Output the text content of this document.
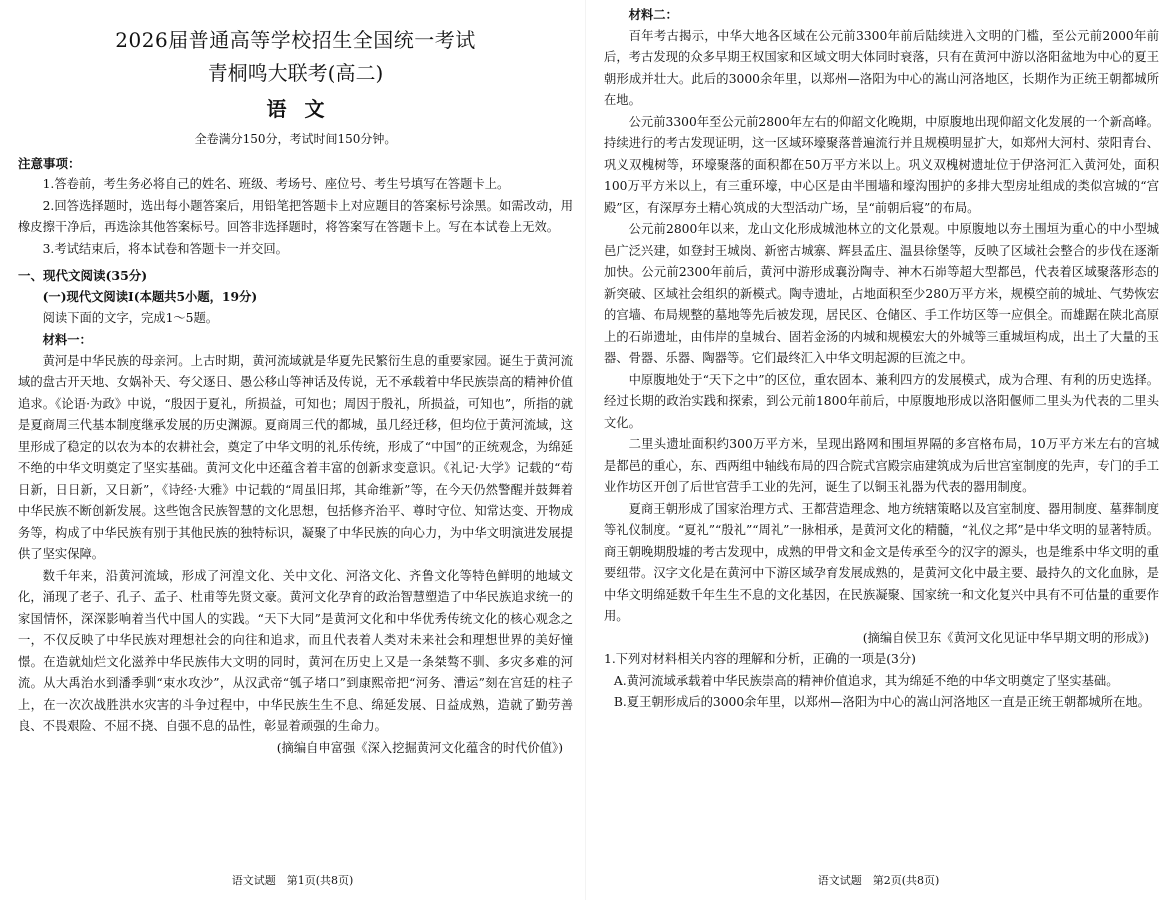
2026届普通高等学校招生全国统一考试
青桐鸣大联考(高二)
语文
全卷满分150分，考试时间150分钟。
注意事项：

1.答卷前，考生务必将自己的姓名、班级、考场号、座位号、考生号填写在答题卡上。

2.回答选择题时，选出每小题答案后，用铅笔把答题卡上对应题目的答案标号涂黑。如需改动，用橡皮擦干净后，再选涂其他答案标号。回答非选择题时，将答案写在答题卡上。写在本试卷上无效。

3.考试结束后，将本试卷和答题卡一并交回。

一、现代文阅读(35分)

(一)现代文阅读Ⅰ(本题共5小题，19分)

阅读下面的文字，完成1～5题。

材料一：

黄河是中华民族的母亲河。上古时期，黄河流域就是华夏先民繁衍生息的重要家园。诞生于黄河流域的盘古开天地、女娲补天、夸父逐日、愚公移山等神话及传说，无不承载着中华民族崇高的精神价值追求。《论语·为政》中说，“殷因于夏礼，所损益，可知也；周因于殷礼，所损益，可知也”，所指的就是夏商周三代基本制度继承发展的历史渊源。夏商周三代的都城，虽几经迁移，但均位于黄河流域，这里形成了稳定的以农为本的农耕社会，奠定了中华文明的礼乐传统，形成了“中国”的正统观念，为绵延不绝的中华文明奠定了坚实基础。黄河文化中还蕴含着丰富的创新求变意识。《礼记·大学》记载的“苟日新，日日新，又日新”，《诗经·大雅》中记载的“周虽旧邦，其命维新”等，在今天仍然警醒并鼓舞着中华民族不断创新发展。这些饱含民族智慧的文化思想，包括修齐治平、尊时守位、知常达变、开物成务等，构成了中华民族有别于其他民族的独特标识，凝聚了中华民族的向心力，为中华文明演进发展提供了坚实保障。

数千年来，沿黄河流域，形成了河湟文化、关中文化、河洛文化、齐鲁文化等特色鲜明的地域文化，涌现了老子、孔子、孟子、杜甫等先贤文豪。黄河文化孕育的政治智慧塑造了中华民族追求统一的家国情怀，深深影响着当代中国人的实践。“天下大同”是黄河文化和中华优秀传统文化的核心观念之一，不仅反映了中华民族对理想社会的向往和追求，而且代表着人类对未来社会和理想世界的美好憧憬。在造就灿烂文化滋养中华民族伟大文明的同时，黄河在历史上又是一条桀骜不驯、多灾多难的河流。从大禹治水到潘季驯“束水攻沙”，从汉武帝“瓠子堵口”到康熙帝把“河务、漕运”刻在宫廷的柱子上，在一次次战胜洪水灾害的斗争过程中，中华民族生生不息、绵延发展、日益成熟，造就了勤劳善良、不畏艰险、不屈不挠、自强不息的品性，彰显着顽强的生命力。

(摘编自申富强《深入挖掘黄河文化蕴含的时代价值》)

语文试题　第1页(共8页)

材料二：

百年考古揭示，中华大地各区域在公元前3300年前后陆续进入文明的门槛，至公元前2000年前后，考古发现的众多早期王权国家和区域文明大体同时衰落，只有在黄河中游以洛阳盆地为中心的夏王朝形成并壮大。此后的3000余年里，以郑州—洛阳为中心的嵩山河洛地区，长期作为正统王朝都城所在地。

公元前3300年至公元前2800年左右的仰韶文化晚期，中原腹地出现仰韶文化发展的一个新高峰。持续进行的考古发现证明，这一区域环壕聚落普遍流行并且规模明显扩大，如郑州大河村、荥阳青台、巩义双槐树等，环壕聚落的面积都在50万平方米以上。巩义双槐树遗址位于伊洛河汇入黄河处，面积100万平方米以上，有三重环壕，中心区是由半围墙和壕沟围护的多排大型房址组成的类似宫城的“宫殿”区，有深厚夯土精心筑成的大型活动广场，呈“前朝后寝”的布局。

公元前2800年以来，龙山文化形成城池林立的文化景观。中原腹地以夯土围垣为重心的中小型城邑广泛兴建，如登封王城岗、新密古城寨、辉县孟庄、温县徐堡等，反映了区域社会整合的步伐在逐渐加快。公元前2300年前后，黄河中游形成襄汾陶寺、神木石峁等超大型都邑，代表着区域聚落形态的新突破、区域社会组织的新模式。陶寺遗址，占地面积至少280万平方米，规模空前的城址、气势恢宏的宫墙、布局规整的墓地等先后被发现，居民区、仓储区、手工作坊区等一应俱全。而雄踞在陕北高原上的石峁遗址，由伟岸的皇城台、固若金汤的内城和规模宏大的外城等三重城垣构成，出土了大量的玉器、骨器、乐器、陶器等。它们最终汇入中华文明起源的巨流之中。

中原腹地处于“天下之中”的区位，重农固本、兼利四方的发展模式，成为合理、有利的历史选择。经过长期的政治实践和探索，到公元前1800年前后，中原腹地形成以洛阳偃师二里头为代表的二里头文化。

二里头遗址面积约300万平方米，呈现出路网和围垣界隔的多宫格布局，10万平方米左右的宫城是都邑的重心，东、西两组中轴线布局的四合院式宫殿宗庙建筑成为后世宫室制度的先声，专门的手工业作坊区开创了后世官营手工业的先河，诞生了以铜玉礼器为代表的器用制度。

夏商王朝形成了国家治理方式、王都营造理念、地方统辖策略以及宫室制度、器用制度、墓葬制度等礼仪制度。“夏礼”“殷礼”“周礼”一脉相承，是黄河文化的精髓，“礼仪之邦”是中华文明的显著特质。商王朝晚期殷墟的考古发现中，成熟的甲骨文和金文是传承至今的汉字的源头，也是维系中华文明的重要纽带。汉字文化是在黄河中下游区域孕育发展成熟的，是黄河文化中最主要、最持久的文化血脉，是中华文明绵延数千年生生不息的文化基因，在民族凝聚、国家统一和文化复兴中具有不可估量的重要作用。

(摘编自侯卫东《黄河文化见证中华早期文明的形成》)

1.下列对材料相关内容的理解和分析，正确的一项是(3分)

A.黄河流域承载着中华民族崇高的精神价值追求，其为绵延不绝的中华文明奠定了坚实基础。

B.夏王朝形成后的3000余年里，以郑州—洛阳为中心的嵩山河洛地区一直是正统王朝都城所在地。

语文试题　第2页(共8页)
